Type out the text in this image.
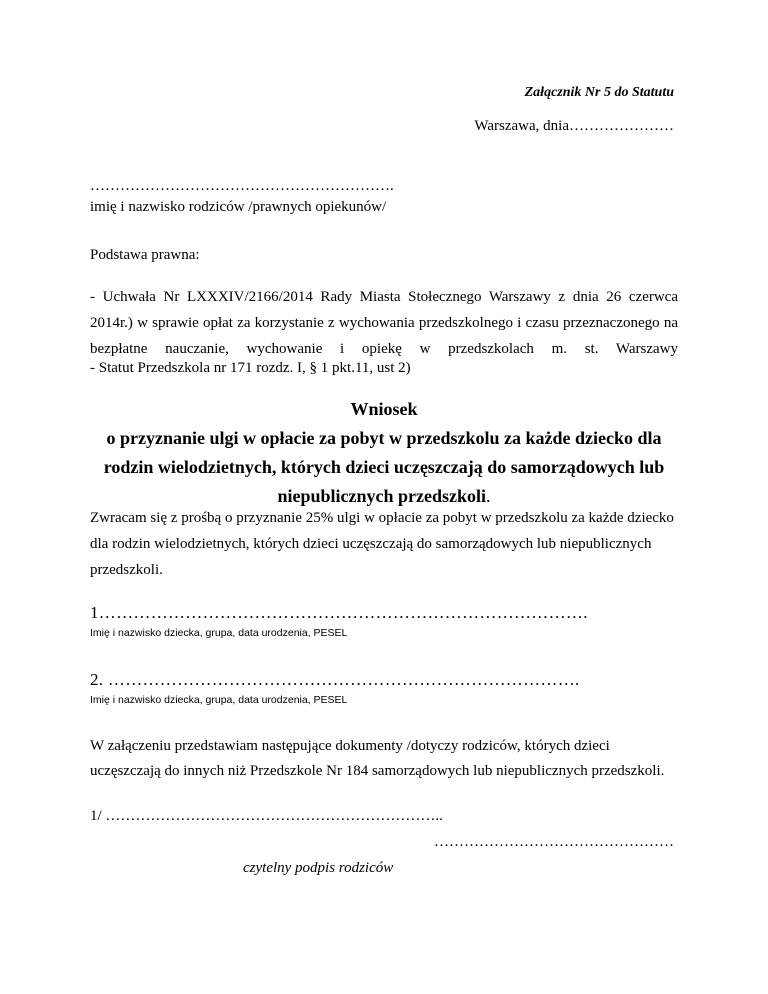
Załącznik Nr 5 do Statutu
Warszawa, dnia…………………
…………………………………………………….
imię i nazwisko rodziców /prawnych opiekunów/
Podstawa prawna:
- Uchwała Nr LXXXIV/2166/2014 Rady Miasta Stołecznego Warszawy z dnia 26 czerwca 2014r.) w sprawie opłat za korzystanie z wychowania przedszkolnego i czasu przeznaczonego na bezpłatne nauczanie, wychowanie i opiekę w przedszkolach m. st. Warszawy
- Statut Przedszkola nr 171 rozdz. I, § 1 pkt.11, ust 2)
Wniosek
o przyznanie ulgi w opłacie za pobyt w przedszkolu za każde dziecko dla rodzin wielodzietnych, których dzieci uczęszczają do samorządowych lub niepublicznych przedszkoli.
Zwracam się z prośbą o przyznanie 25% ulgi w opłacie za pobyt w przedszkolu za każde dziecko dla rodzin wielodzietnych, których dzieci uczęszczają do samorządowych lub niepublicznych przedszkoli.
1………………………………………………………………………….
Imię i nazwisko dziecka, grupa, data urodzenia, PESEL
2. ……………………………………………………………………….
Imię i nazwisko dziecka, grupa, data urodzenia, PESEL
W załączeniu przedstawiam następujące dokumenty /dotyczy rodziców, których dzieci uczęszczają do innych niż Przedszkole Nr 184 samorządowych lub niepublicznych przedszkoli.
1/ …………………………………………………………..
…………………………………………
czytelny podpis rodziców
